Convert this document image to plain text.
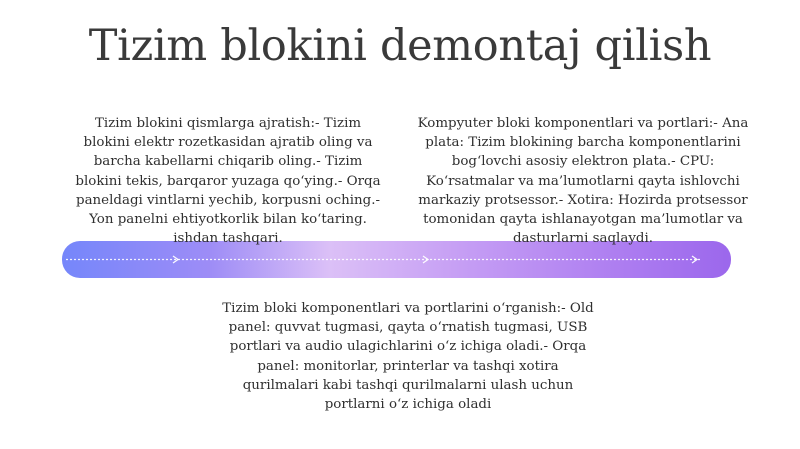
Tizim blokini demontaj qilish
Tizim blokini qismlarga ajratish:- Tizim blokini elektr rozetkasidan ajratib oling va barcha kabellarni chiqarib oling.- Tizim blokini tekis, barqaror yuzaga qo‘ying.- Orqa paneldagi vintlarni yechib, korpusni oching.- Yon panelni ehtiyotkorlik bilan ko‘taring. ishdan tashqari.
Kompyuter bloki komponentlari va portlari:- Ana plata: Tizim blokining barcha komponentlarini bog‘lovchi asosiy elektron plata.- CPU: Ko‘rsatmalar va ma’lumotlarni qayta ishlovchi markaziy protsessor.- Xotira: Hozirda protsessor tomonidan qayta ishlanayotgan ma’lumotlar va dasturlarni saqlaydi.
Tizim bloki komponentlari va portlarini o‘rganish:- Old panel: quvvat tugmasi, qayta o‘rnatish tugmasi, USB portlari va audio ulagichlarini o‘z ichiga oladi.- Orqa panel: monitorlar, printerlar va tashqi xotira qurilmalari kabi tashqi qurilmalarni ulash uchun portlarni o‘z ichiga oladi
